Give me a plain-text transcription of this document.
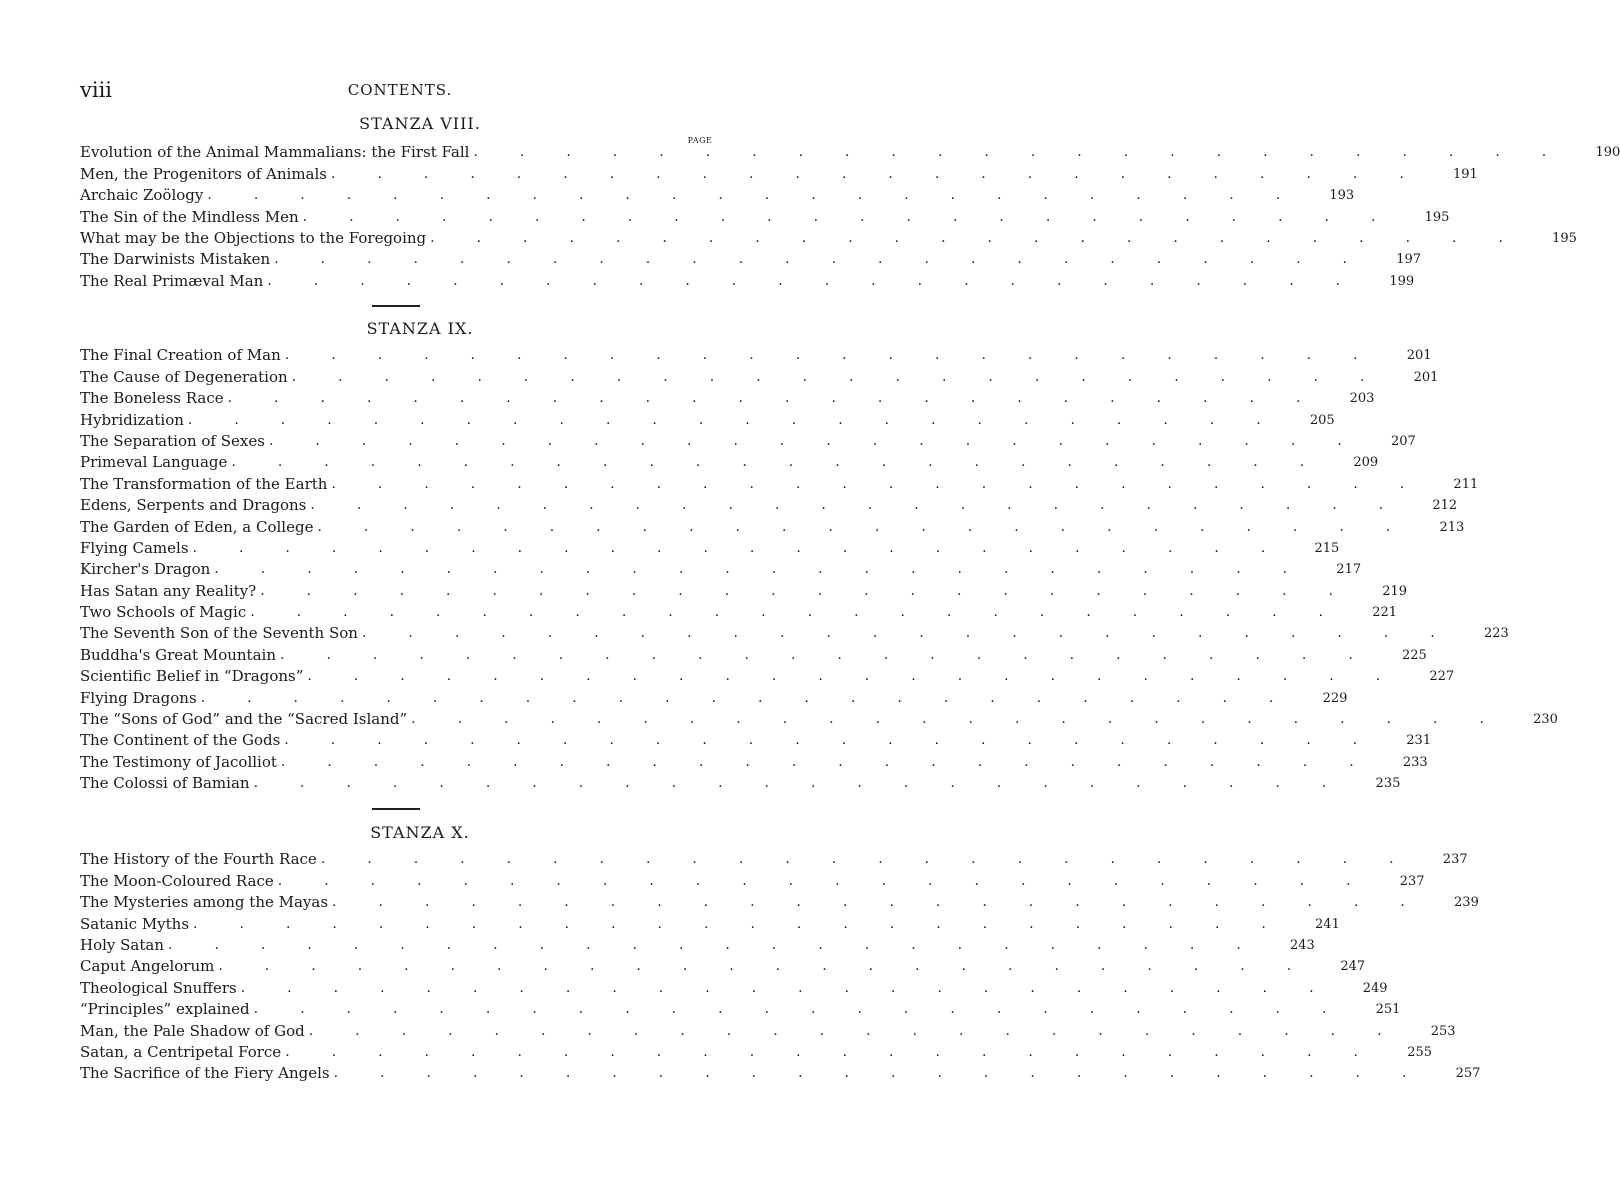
viii	CONTENTS.
STANZA VIII.
PAGE
Evolution of the Animal Mammalians: the First Fall ........................ 190
Men, the Progenitors of Animals ........................ 191
Archaic Zoölogy ........................ 193
The Sin of the Mindless Men ........................ 195
What may be the Objections to the Foregoing ........................ 195
The Darwinists Mistaken ........................ 197
The Real Primæval Man ........................ 199
STANZA IX.
The Final Creation of Man ........................ 201
The Cause of Degeneration ........................ 201
The Boneless Race ........................ 203
Hybridization ........................ 205
The Separation of Sexes ........................ 207
Primeval Language ........................ 209
The Transformation of the Earth ........................ 211
Edens, Serpents and Dragons ........................ 212
The Garden of Eden, a College ........................ 213
Flying Camels ........................ 215
Kircher's Dragon ........................ 217
Has Satan any Reality? ........................ 219
Two Schools of Magic ........................ 221
The Seventh Son of the Seventh Son ........................ 223
Buddha's Great Mountain ........................ 225
Scientific Belief in “Dragons” ........................ 227
Flying Dragons ........................ 229
The “Sons of God” and the “Sacred Island” ........................ 230
The Continent of the Gods ........................ 231
The Testimony of Jacolliot ........................ 233
The Colossi of Bamian ........................ 235
STANZA X.
The History of the Fourth Race ........................ 237
The Moon-Coloured Race ........................ 237
The Mysteries among the Mayas ........................ 239
Satanic Myths ........................ 241
Holy Satan ........................ 243
Caput Angelorum ........................ 247
Theological Snuffers ........................ 249
“Principles” explained ........................ 251
Man, the Pale Shadow of God ........................ 253
Satan, a Centripetal Force ........................ 255
The Sacrifice of the Fiery Angels ........................ 257
